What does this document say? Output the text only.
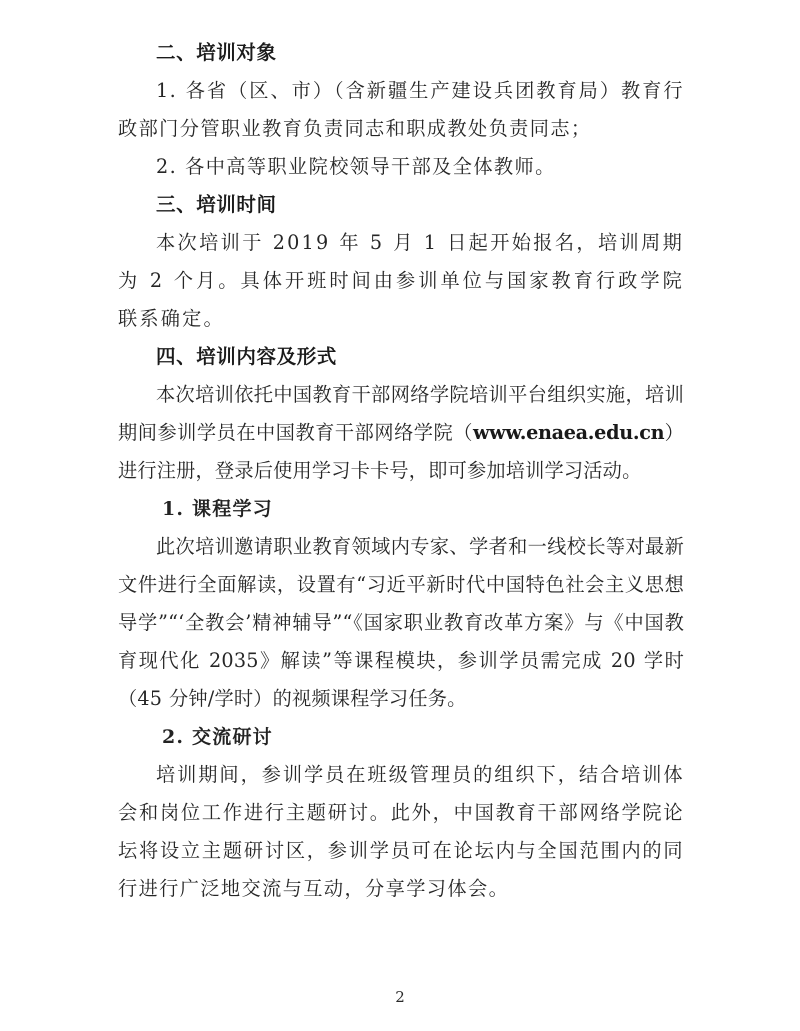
二、培训对象

1. 各省（区、市）（含新疆生产建设兵团教育局）教育行政部门分管职业教育负责同志和职成教处负责同志；

2. 各中高等职业院校领导干部及全体教师。

三、培训时间

本次培训于 2019 年 5 月 1 日起开始报名，培训周期为 2 个月。具体开班时间由参训单位与国家教育行政学院联系确定。

四、培训内容及形式

本次培训依托中国教育干部网络学院培训平台组织实施，培训期间参训学员在中国教育干部网络学院（www.enaea.edu.cn）进行注册，登录后使用学习卡卡号，即可参加培训学习活动。

1. 课程学习

此次培训邀请职业教育领域内专家、学者和一线校长等对最新文件进行全面解读，设置有“习近平新时代中国特色社会主义思想导学”“‘全教会’精神辅导”“《国家职业教育改革方案》与《中国教育现代化 2035》解读”等课程模块，参训学员需完成 20 学时（45 分钟/学时）的视频课程学习任务。

2. 交流研讨

培训期间，参训学员在班级管理员的组织下，结合培训体会和岗位工作进行主题研讨。此外，中国教育干部网络学院论坛将设立主题研讨区，参训学员可在论坛内与全国范围内的同行进行广泛地交流与互动，分享学习体会。

2
